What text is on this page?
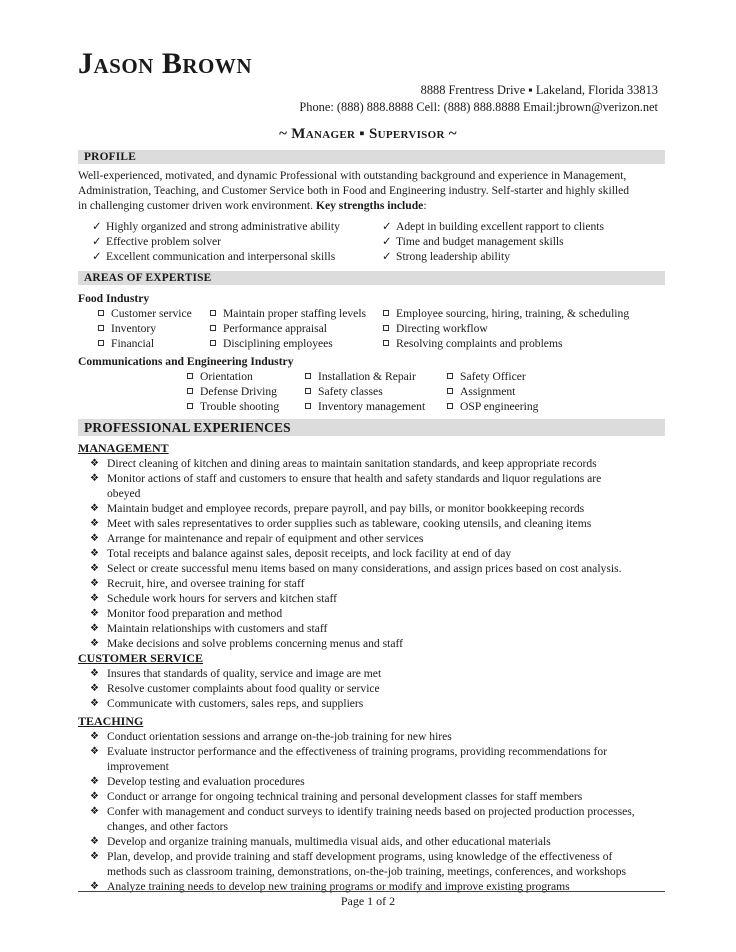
Jason Brown
8888 Frentress Drive ▪ Lakeland, Florida 33813
Phone: (888) 888.8888 Cell: (888) 888.8888 Email:jbrown@verizon.net
~ Manager ▪ Supervisor ~
PROFILE
Well-experienced, motivated, and dynamic Professional with outstanding background and experience in Management,
Administration, Teaching, and Customer Service both in Food and Engineering industry. Self-starter and highly skilled
in challenging customer driven work environment. Key strengths include:
✓ Highly organized and strong administrative ability
✓ Effective problem solver
✓ Excellent communication and interpersonal skills
✓ Adept in building excellent rapport to clients
✓ Time and budget management skills
✓ Strong leadership ability
AREAS OF EXPERTISE
Food Industry
Customer service
Inventory
Financial
Maintain proper staffing levels
Performance appraisal
Disciplining employees
Employee sourcing, hiring, training, & scheduling
Directing workflow
Resolving complaints and problems
Communications and Engineering Industry
Orientation
Defense Driving
Trouble shooting
Installation & Repair
Safety classes
Inventory management
Safety Officer
Assignment
OSP engineering
PROFESSIONAL EXPERIENCES
MANAGEMENT
❖ Direct cleaning of kitchen and dining areas to maintain sanitation standards, and keep appropriate records
❖ Monitor actions of staff and customers to ensure that health and safety standards and liquor regulations are
obeyed
❖ Maintain budget and employee records, prepare payroll, and pay bills, or monitor bookkeeping records
❖ Meet with sales representatives to order supplies such as tableware, cooking utensils, and cleaning items
❖ Arrange for maintenance and repair of equipment and other services
❖ Total receipts and balance against sales, deposit receipts, and lock facility at end of day
❖ Select or create successful menu items based on many considerations, and assign prices based on cost analysis.
❖ Recruit, hire, and oversee training for staff
❖ Schedule work hours for servers and kitchen staff
❖ Monitor food preparation and method
❖ Maintain relationships with customers and staff
❖ Make decisions and solve problems concerning menus and staff
CUSTOMER SERVICE
❖ Insures that standards of quality, service and image are met
❖ Resolve customer complaints about food quality or service
❖ Communicate with customers, sales reps, and suppliers
TEACHING
❖ Conduct orientation sessions and arrange on-the-job training for new hires
❖ Evaluate instructor performance and the effectiveness of training programs, providing recommendations for
improvement
❖ Develop testing and evaluation procedures
❖ Conduct or arrange for ongoing technical training and personal development classes for staff members
❖ Confer with management and conduct surveys to identify training needs based on projected production processes,
changes, and other factors
❖ Develop and organize training manuals, multimedia visual aids, and other educational materials
❖ Plan, develop, and provide training and staff development programs, using knowledge of the effectiveness of
methods such as classroom training, demonstrations, on-the-job training, meetings, conferences, and workshops
❖ Analyze training needs to develop new training programs or modify and improve existing programs
Page 1 of 2
